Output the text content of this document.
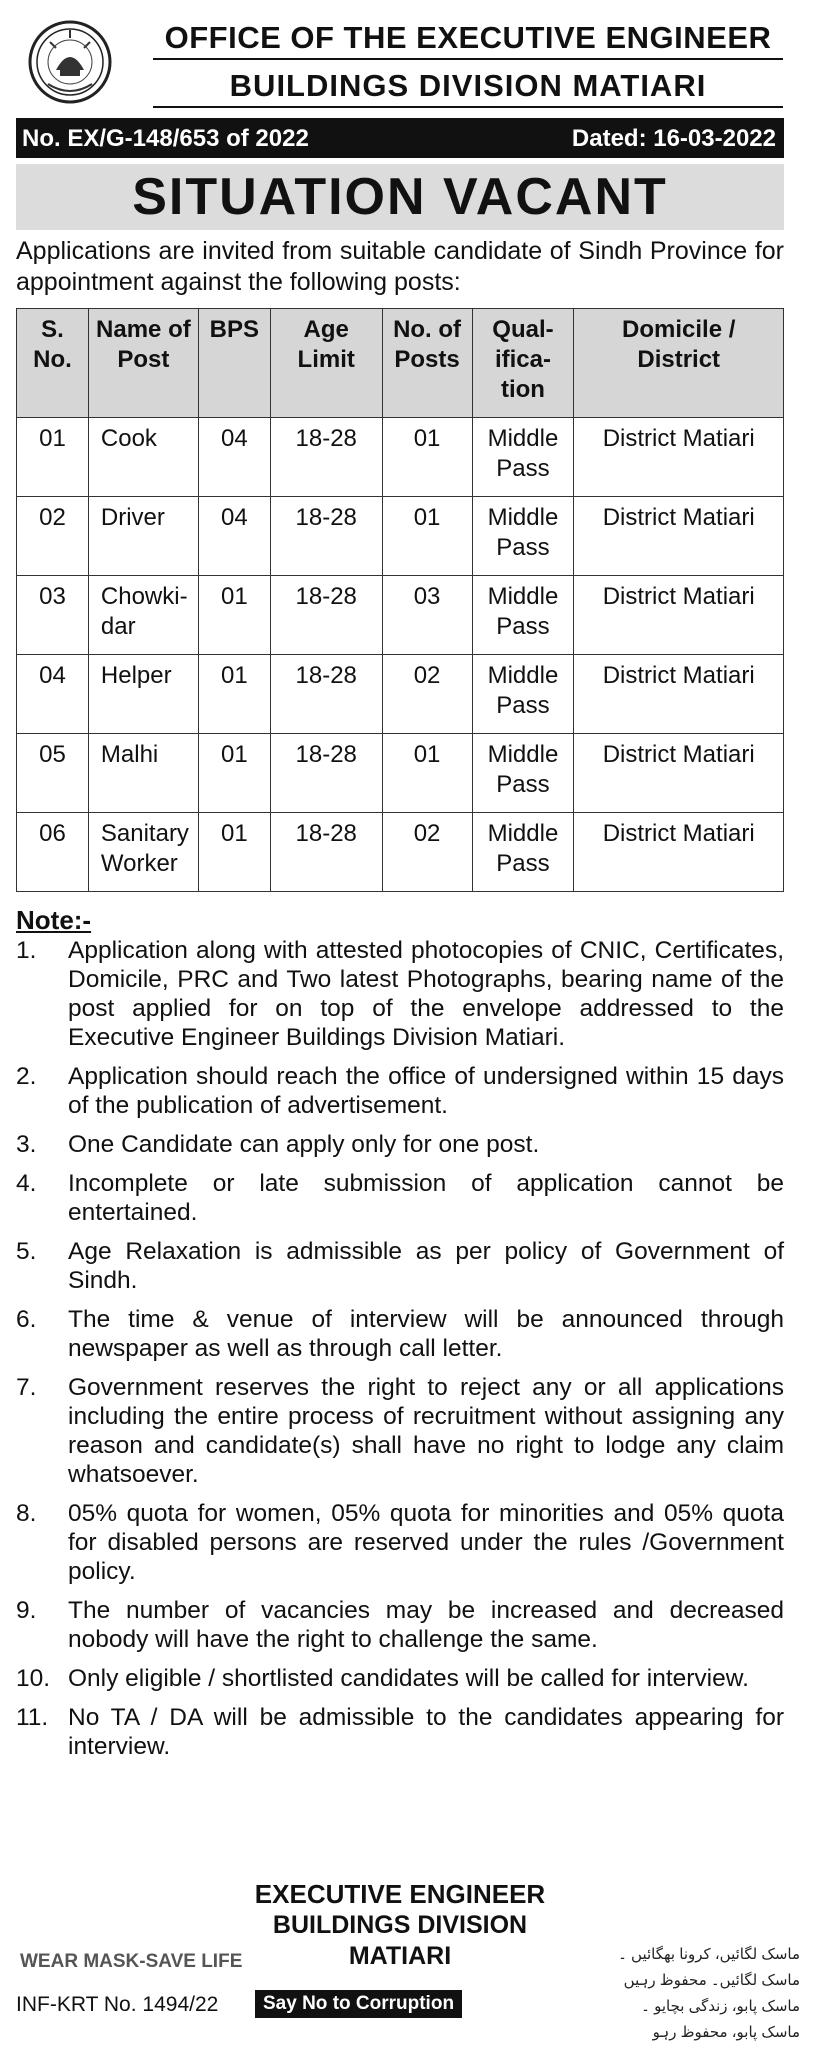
OFFICE OF THE EXECUTIVE ENGINEER
BUILDINGS DIVISION MATIARI
No. EX/G-148/653 of 2022	Dated: 16-03-2022
SITUATION VACANT
Applications are invited from suitable candidate of Sindh Province for appointment against the following posts:
S. No.	Name of Post	BPS	Age Limit	No. of Posts	Qual- ifica- tion	Domicile / District
01	Cook	04	18-28	01	Middle Pass	District Matiari
02	Driver	04	18-28	01	Middle Pass	District Matiari
03	Chowki- dar	01	18-28	03	Middle Pass	District Matiari
04	Helper	01	18-28	02	Middle Pass	District Matiari
05	Malhi	01	18-28	01	Middle Pass	District Matiari
06	Sanitary Worker	01	18-28	02	Middle Pass	District Matiari
Note:-
1.	Application along with attested photocopies of CNIC, Certificates, Domicile, PRC and Two latest Photographs, bearing name of the post applied for on top of the envelope addressed to the Executive Engineer Buildings Division Matiari.
2.	Application should reach the office of undersigned within 15 days of the publication of advertisement.
3.	One Candidate can apply only for one post.
4.	Incomplete or late submission of application cannot be entertained.
5.	Age Relaxation is admissible as per policy of Government of Sindh.
6.	The time & venue of interview will be announced through newspaper as well as through call letter.
7.	Government reserves the right to reject any or all applications including the entire process of recruitment without assigning any reason and candidate(s) shall have no right to lodge any claim whatsoever.
8.	05% quota for women, 05% quota for minorities and 05% quota for disabled persons are reserved under the rules /Government policy.
9.	The number of vacancies may be increased and decreased nobody will have the right to challenge the same.
10. Only eligible / shortlisted candidates will be called for interview.
11. No TA / DA will be admissible to the candidates appearing for interview.
EXECUTIVE ENGINEER
BUILDINGS DIVISION
MATIARI
WEAR MASK-SAVE LIFE
INF-KRT No. 1494/22	Say No to Corruption
ماسک لگائیں، کرونا بھگائیں ۔ ماسک لگائیں۔ محفوظ رہیں
ماسک پابو، زندگی بچایو ۔ ماسک پابو، محفوظ رہو
